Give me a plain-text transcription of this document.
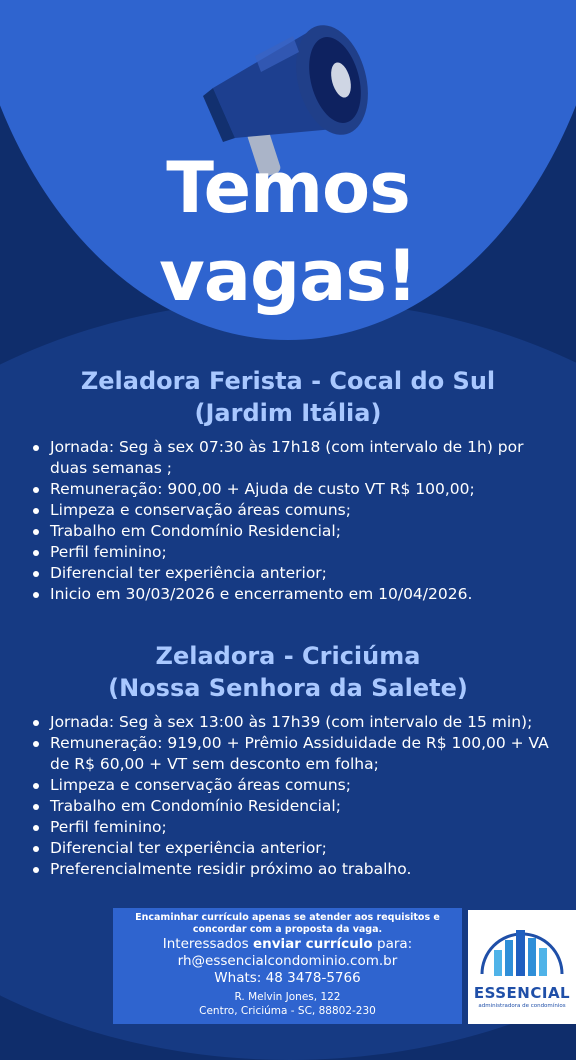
Temos
vagas!

Zeladora Ferista - Cocal do Sul

(Jardim Itália)

Jornada: Seg à sex 07:30 às 17h18 (com intervalo de 1h) por duas semanas ;
Remuneração: 900,00 + Ajuda de custo VT R$ 100,00;
Limpeza e conservação áreas comuns;
Trabalho em Condomínio Residencial;
Perfil feminino;
Diferencial ter experiência anterior;
Inicio em 30/03/2026 e encerramento em 10/04/2026.

Zeladora - Criciúma

(Nossa Senhora da Salete)

Jornada: Seg à sex 13:00 às 17h39 (com intervalo de 15 min);
Remuneração: 919,00 + Prêmio Assiduidade de R$ 100,00 + VA de R$ 60,00 + VT sem desconto em folha;
Limpeza e conservação áreas comuns;
Trabalho em Condomínio Residencial;
Perfil feminino;
Diferencial ter experiência anterior;
Preferencialmente residir próximo ao trabalho.
Encaminhar currículo apenas se atender aos requisitos e concordar com a proposta da vaga.
Interessados enviar currículo para:
rh@essencialcondominio.com.br
Whats: 48 3478-5766
R. Melvin Jones, 122
Centro, Criciúma - SC, 88802-230
ESSENCIAL
administradora de condomínios
